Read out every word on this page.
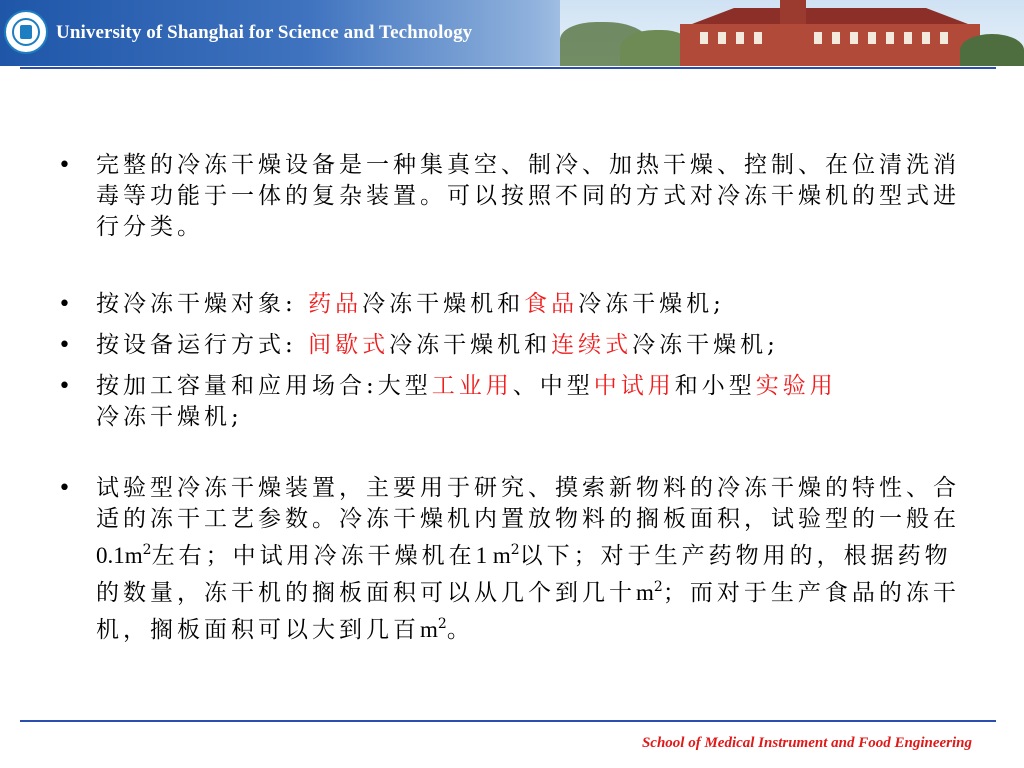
University of Shanghai for Science and Technology
•	完整的冷冻干燥设备是一种集真空、制冷、加热干燥、控制、在位清洗消毒等功能于一体的复杂装置。可以按照不同的方式对冷冻干燥机的型式进行分类。
•	按冷冻干燥对象: 药品冷冻干燥机和食品冷冻干燥机;
•	按设备运行方式: 间歇式冷冻干燥机和连续式冷冻干燥机;
•	按加工容量和应用场合:大型工业用、中型中试用和小型实验用
冷冻干燥机;
•	试验型冷冻干燥装置，主要用于研究、摸索新物料的冷冻干燥的特性、合适的冻干工艺参数。冷冻干燥机内置放物料的搁板面积，试验型的一般在$0.1m^2$左右；中试用冷冻干燥机在1 $m^2$以下；对于生产药物用的，根据药物的数量，冻干机的搁板面积可以从几个到几十$m^2$；而对于生产食品的冻干机，搁板面积可以大到几百$m^2$。
School of Medical Instrument and Food Engineering
